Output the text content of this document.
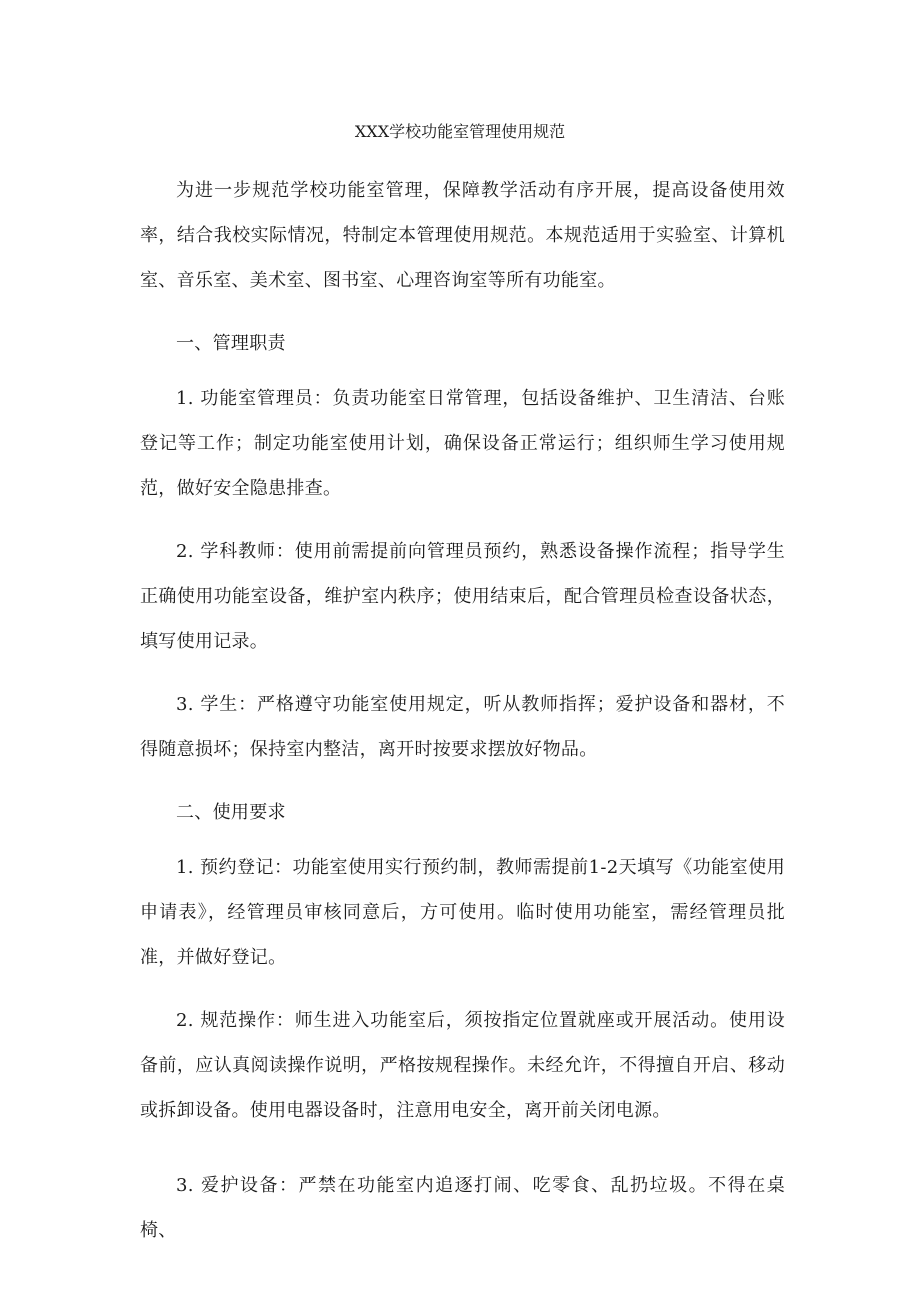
XXX学校功能室管理使用规范

为进一步规范学校功能室管理，保障教学活动有序开展，提高设备使用效率，结合我校实际情况，特制定本管理使用规范。本规范适用于实验室、计算机室、音乐室、美术室、图书室、心理咨询室等所有功能室。

一、管理职责

1. 功能室管理员：负责功能室日常管理，包括设备维护、卫生清洁、台账登记等工作；制定功能室使用计划，确保设备正常运行；组织师生学习使用规范，做好安全隐患排查。

2. 学科教师：使用前需提前向管理员预约，熟悉设备操作流程；指导学生正确使用功能室设备，维护室内秩序；使用结束后，配合管理员检查设备状态，填写使用记录。

3. 学生：严格遵守功能室使用规定，听从教师指挥；爱护设备和器材，不得随意损坏；保持室内整洁，离开时按要求摆放好物品。

二、使用要求

1. 预约登记：功能室使用实行预约制，教师需提前1-2天填写《功能室使用申请表》，经管理员审核同意后，方可使用。临时使用功能室，需经管理员批准，并做好登记。

2. 规范操作：师生进入功能室后，须按指定位置就座或开展活动。使用设备前，应认真阅读操作说明，严格按规程操作。未经允许，不得擅自开启、移动或拆卸设备。使用电器设备时，注意用电安全，离开前关闭电源。

3. 爱护设备：严禁在功能室内追逐打闹、吃零食、乱扔垃圾。不得在桌椅、
